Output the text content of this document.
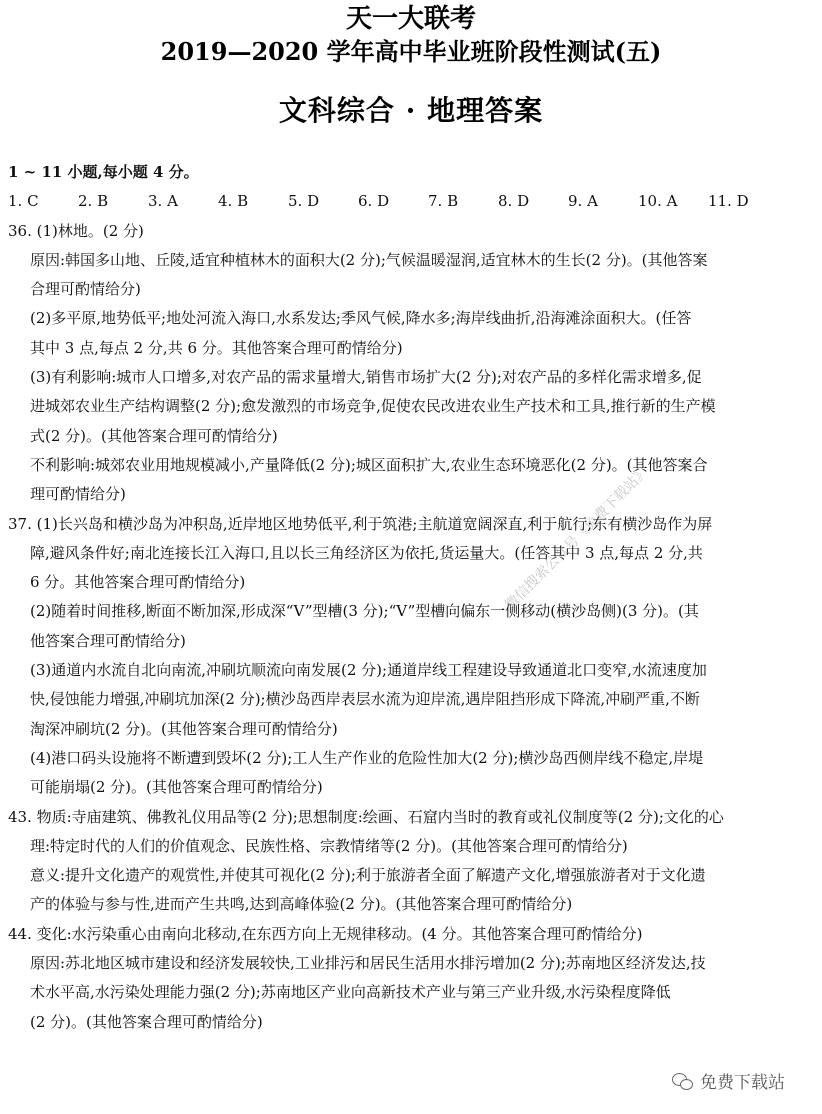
天一大联考
2019—2020 学年高中毕业班阶段性测试(五)
文科综合 · 地理答案
1 ~ 11 小题,每小题 4 分。
1. C	2. B	3. A	4. B	5. D	6. D	7. B	8. D	9. A	10. A	11. D
36. (1)林地。(2 分)
原因:韩国多山地、丘陵,适宜种植林木的面积大(2 分);气候温暖湿润,适宜林木的生长(2 分)。(其他答案
合理可酌情给分)
(2)多平原,地势低平;地处河流入海口,水系发达;季风气候,降水多;海岸线曲折,沿海滩涂面积大。(任答
其中 3 点,每点 2 分,共 6 分。其他答案合理可酌情给分)
(3)有利影响:城市人口增多,对农产品的需求量增大,销售市场扩大(2 分);对农产品的多样化需求增多,促
进城郊农业生产结构调整(2 分);愈发激烈的市场竞争,促使农民改进农业生产技术和工具,推行新的生产模
式(2 分)。(其他答案合理可酌情给分)
不利影响:城郊农业用地规模减小,产量降低(2 分);城区面积扩大,农业生态环境恶化(2 分)。(其他答案合
理可酌情给分)
37. (1)长兴岛和横沙岛为冲积岛,近岸地区地势低平,利于筑港;主航道宽阔深直,利于航行;东有横沙岛作为屏
障,避风条件好;南北连接长江入海口,且以长三角经济区为依托,货运量大。(任答其中 3 点,每点 2 分,共
6 分。其他答案合理可酌情给分)
(2)随着时间推移,断面不断加深,形成深“V”型槽(3 分);“V”型槽向偏东一侧移动(横沙岛侧)(3 分)。(其
他答案合理可酌情给分)
(3)通道内水流自北向南流,冲刷坑顺流向南发展(2 分);通道岸线工程建设导致通道北口变窄,水流速度加
快,侵蚀能力增强,冲刷坑加深(2 分);横沙岛西岸表层水流为迎岸流,遇岸阻挡形成下降流,冲刷严重,不断
淘深冲刷坑(2 分)。(其他答案合理可酌情给分)
(4)港口码头设施将不断遭到毁坏(2 分);工人生产作业的危险性加大(2 分);横沙岛西侧岸线不稳定,岸堤
可能崩塌(2 分)。(其他答案合理可酌情给分)
43. 物质:寺庙建筑、佛教礼仪用品等(2 分);思想制度:绘画、石窟内当时的教育或礼仪制度等(2 分);文化的心
理:特定时代的人们的价值观念、民族性格、宗教情绪等(2 分)。(其他答案合理可酌情给分)
意义:提升文化遗产的观赏性,并使其可视化(2 分);利于旅游者全面了解遗产文化,增强旅游者对于文化遗
产的体验与参与性,进而产生共鸣,达到高峰体验(2 分)。(其他答案合理可酌情给分)
44. 变化:水污染重心由南向北移动,在东西方向上无规律移动。(4 分。其他答案合理可酌情给分)
原因:苏北地区城市建设和经济发展较快,工业排污和居民生活用水排污增加(2 分);苏南地区经济发达,技
术水平高,水污染处理能力强(2 分);苏南地区产业向高新技术产业与第三产业升级,水污染程度降低
(2 分)。(其他答案合理可酌情给分)
微信搜索公众号《免费下载站》
免费下载站
